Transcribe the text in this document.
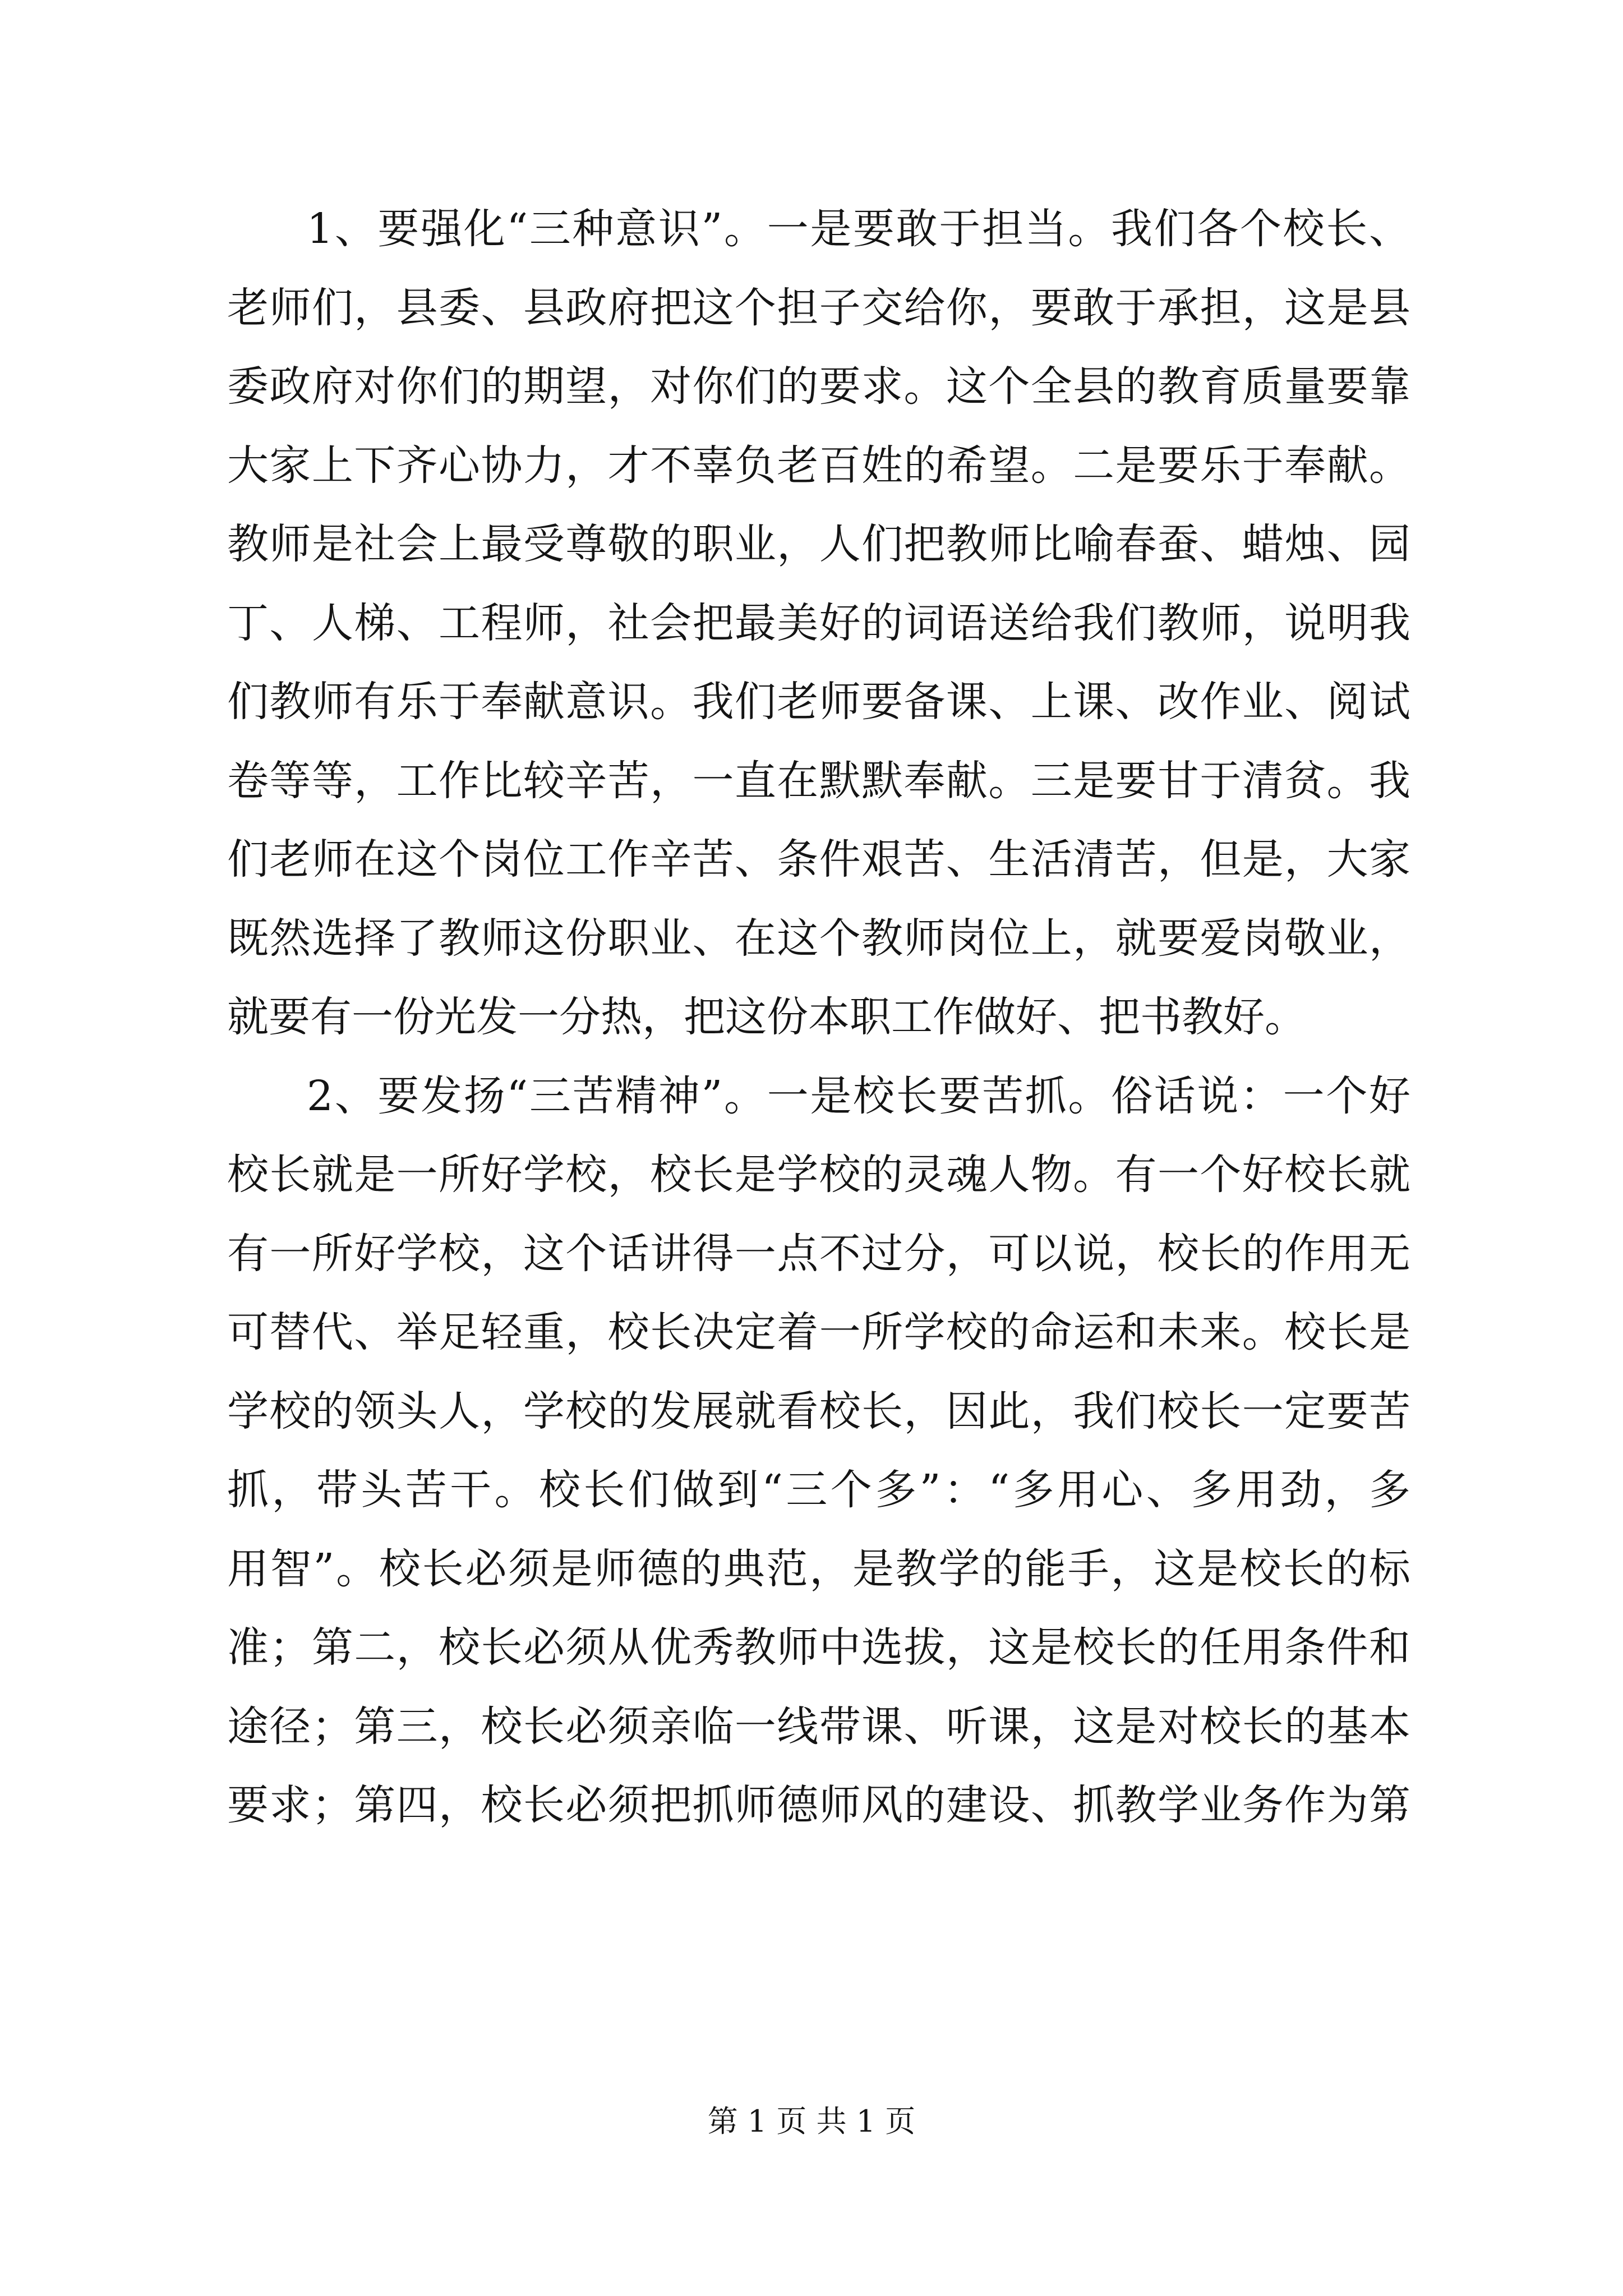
1、要强化“三种意识”。一是要敢于担当。我们各个校长、
老师们，县委、县政府把这个担子交给你，要敢于承担，这是县
委政府对你们的期望，对你们的要求。这个全县的教育质量要靠
大家上下齐心协力，才不辜负老百姓的希望。二是要乐于奉献。
教师是社会上最受尊敬的职业，人们把教师比喻春蚕、蜡烛、园
丁、人梯、工程师，社会把最美好的词语送给我们教师，说明我
们教师有乐于奉献意识。我们老师要备课、上课、改作业、阅试
卷等等，工作比较辛苦，一直在默默奉献。三是要甘于清贫。我
们老师在这个岗位工作辛苦、条件艰苦、生活清苦，但是，大家
既然选择了教师这份职业、在这个教师岗位上，就要爱岗敬业，
就要有一份光发一分热，把这份本职工作做好、把书教好。
2、要发扬“三苦精神”。一是校长要苦抓。俗话说：一个好
校长就是一所好学校，校长是学校的灵魂人物。有一个好校长就
有一所好学校，这个话讲得一点不过分，可以说，校长的作用无
可替代、举足轻重，校长决定着一所学校的命运和未来。校长是
学校的领头人，学校的发展就看校长，因此，我们校长一定要苦
抓，带头苦干。校长们做到“三个多”：“多用心、多用劲，多
用智”。校长必须是师德的典范，是教学的能手，这是校长的标
准；第二，校长必须从优秀教师中选拔，这是校长的任用条件和
途径；第三，校长必须亲临一线带课、听课，这是对校长的基本
要求；第四，校长必须把抓师德师风的建设、抓教学业务作为第
第 1 页 共 1 页
